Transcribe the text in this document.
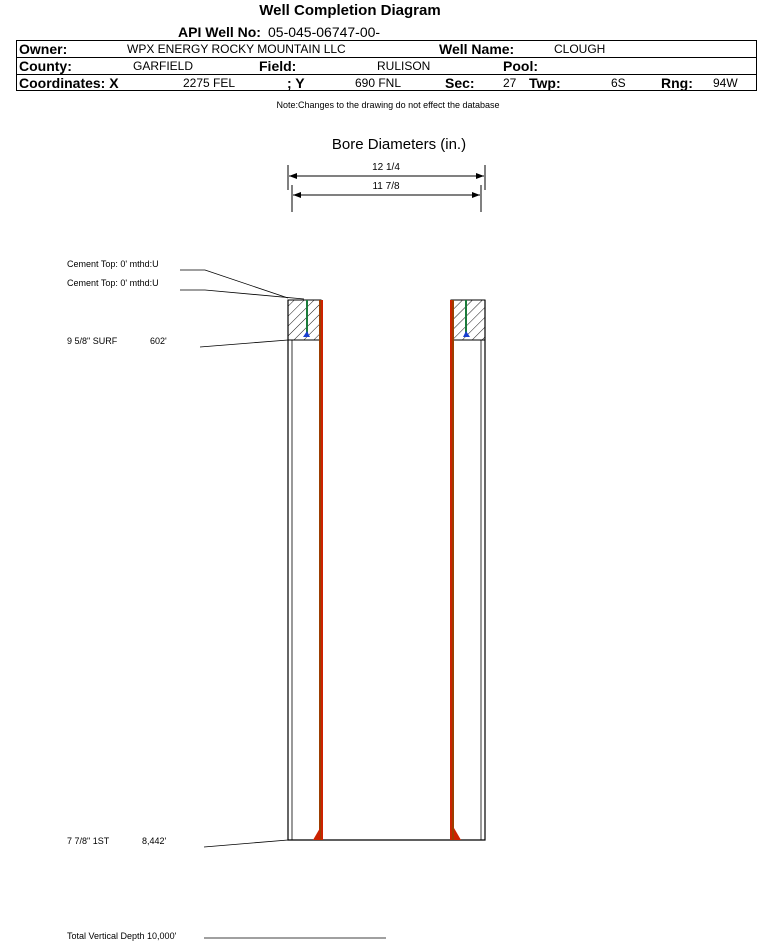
Well Completion Diagram
API Well No: 05-045-06747-00-
Owner:	WPX ENERGY ROCKY MOUNTAIN LLC	Well Name:	CLOUGH
County:	GARFIELD	Field:	RULISON	Pool:
Coordinates: X	2275 FEL	; Y	690 FNL	Sec: 27 Twp:	6S	Rng: 94W
Note:Changes to the drawing do not effect the database
Bore Diameters (in.)
12 1/4
11 7/8
Cement Top: 0' mthd:U
Cement Top: 0' mthd:U
9 5/8" SURF	602'
7 7/8" 1ST	8,442'
Total Vertical Depth 10,000'
